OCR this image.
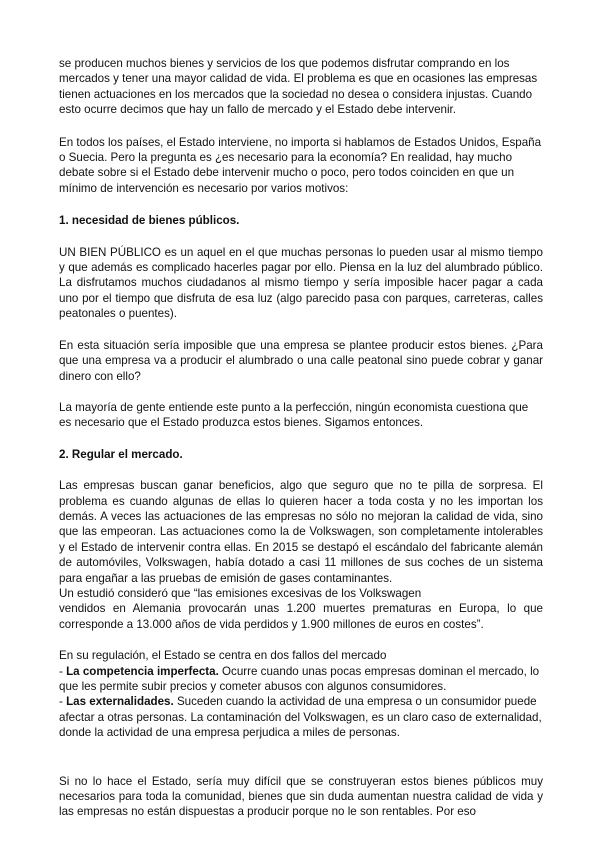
se producen muchos bienes y servicios de los que podemos disfrutar comprando en los mercados y tener una mayor calidad de vida. El problema es que en ocasiones las empresas tienen actuaciones en los mercados que la sociedad no desea o considera injustas. Cuando esto ocurre decimos que hay un fallo de mercado y el Estado debe intervenir.

En todos los países, el Estado interviene, no importa si hablamos de Estados Unidos, España o Suecia. Pero la pregunta es ¿es necesario para la economía? En realidad, hay mucho debate sobre si el Estado debe intervenir mucho o poco, pero todos coinciden en que un mínimo de intervención es necesario por varios motivos:

1. necesidad de bienes públicos.

UN BIEN PÚBLICO es un aquel en el que muchas personas lo pueden usar al mismo tiempo y que además es complicado hacerles pagar por ello. Piensa en la luz del alumbrado público. La disfrutamos muchos ciudadanos al mismo tiempo y sería imposible hacer pagar a cada uno por el tiempo que disfruta de esa luz (algo parecido pasa con parques, carreteras, calles peatonales o puentes).

En esta situación sería imposible que una empresa se plantee producir estos bienes. ¿Para que una empresa va a producir el alumbrado o una calle peatonal sino puede cobrar y ganar dinero con ello?

La mayoría de gente entiende este punto a la perfección, ningún economista cuestiona que es necesario que el Estado produzca estos bienes. Sigamos entonces.

2. Regular el mercado.

Las empresas buscan ganar beneficios, algo que seguro que no te pilla de sorpresa. El problema es cuando algunas de ellas lo quieren hacer a toda costa y no les importan los demás. A veces las actuaciones de las empresas no sólo no mejoran la calidad de vida, sino que las empeoran. Las actuaciones como la de Volkswagen, son completamente intolerables y el Estado de intervenir contra ellas. En 2015 se destapó el escándalo del fabricante alemán de automóviles, Volkswagen, había dotado a casi 11 millones de sus coches de un sistema para engañar a las pruebas de emisión de gases contaminantes.

Un estudió consideró que “las emisiones excesivas de los Volkswagen

vendidos en Alemania provocarán unas 1.200 muertes prematuras en Europa, lo que corresponde a 13.000 años de vida perdidos y 1.900 millones de euros en costes”.

En su regulación, el Estado se centra en dos fallos del mercado

- La competencia imperfecta. Ocurre cuando unas pocas empresas dominan el mercado, lo que les permite subir precios y cometer abusos con algunos consumidores.

- Las externalidades. Suceden cuando la actividad de una empresa o un consumidor puede afectar a otras personas. La contaminación del Volkswagen, es un claro caso de externalidad, donde la actividad de una empresa perjudica a miles de personas.

Si no lo hace el Estado, sería muy difícil que se construyeran estos bienes públicos muy necesarios para toda la comunidad, bienes que sin duda aumentan nuestra calidad de vida y las empresas no están dispuestas a producir porque no le son rentables. Por eso
